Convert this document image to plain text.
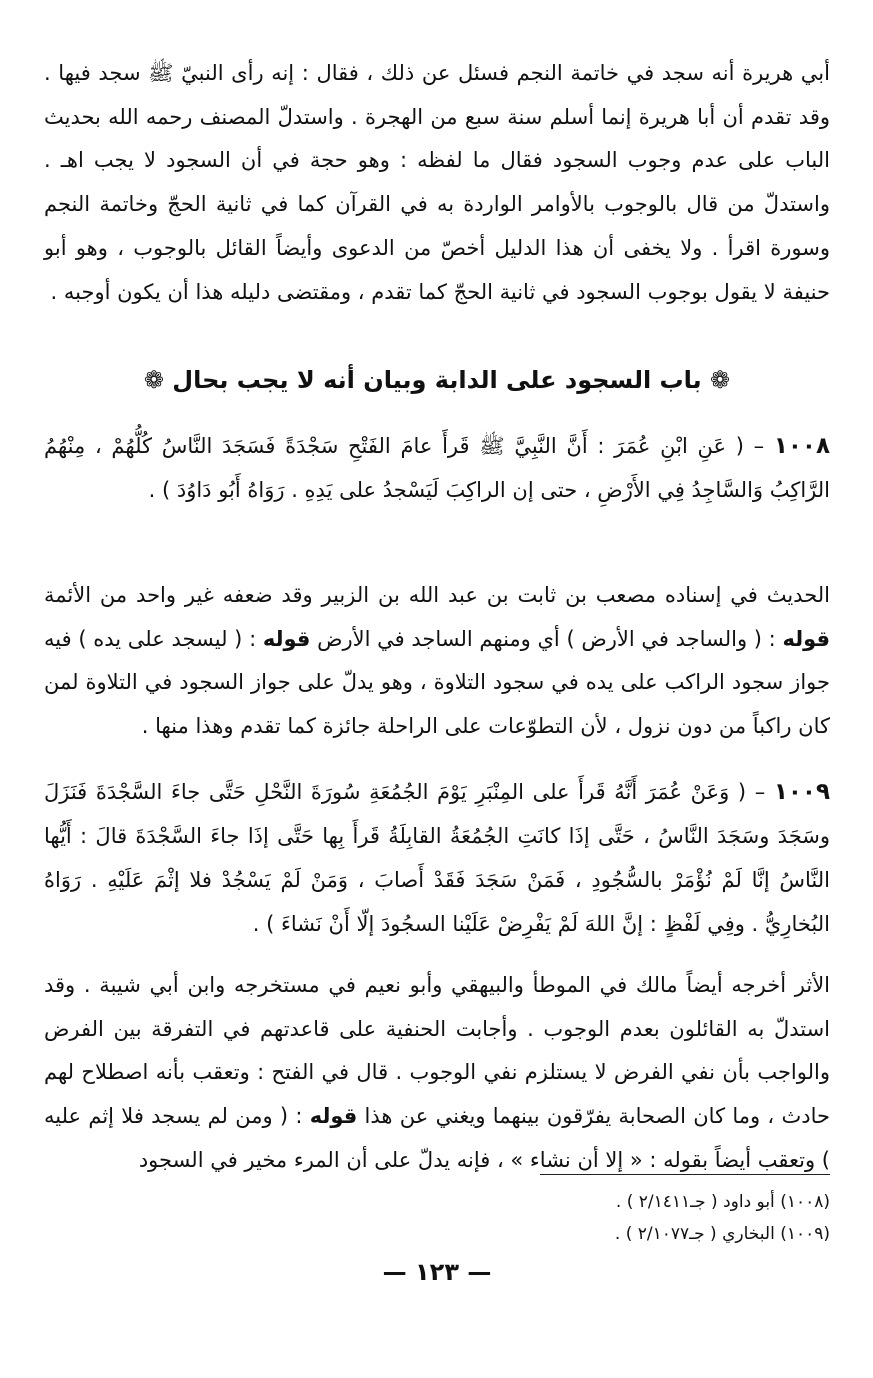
أبي هريرة أنه سجد في خاتمة النجم فسئل عن ذلك ، فقال : إنه رأى النبيّ ﷺ سجد فيها . وقد تقدم أن أبا هريرة إنما أسلم سنة سبع من الهجرة . واستدلّ المصنف رحمه الله بحديث الباب على عدم وجوب السجود فقال ما لفظه : وهو حجة في أن السجود لا يجب اهـ . واستدلّ من قال بالوجوب بالأوامر الواردة به في القرآن كما في ثانية الحجّ وخاتمة النجم وسورة اقرأ . ولا يخفى أن هذا الدليل أخصّ من الدعوى وأيضاً القائل بالوجوب ، وهو أبو حنيفة لا يقول بوجوب السجود في ثانية الحجّ كما تقدم ، ومقتضى دليله هذا أن يكون أوجبه .

❁ باب السجود على الدابة وبيان أنه لا يجب بحال ❁

١٠٠٨ – ( عَنِ ابْنِ عُمَرَ : أَنَّ النَّبِيَّ ﷺ قَرأَ عامَ الفَتْحِ سَجْدَةً فَسَجَدَ النَّاسُ كُلُّهُمْ ، مِنْهُمُ الرَّاكِبُ وَالسَّاجِدُ فِي الأَرْضِ ، حتى إن الراكِبَ لَيَسْجدُ على يَدِهِ . رَوَاهُ أَبُو دَاوُدَ ) .

الحديث في إسناده مصعب بن ثابت بن عبد الله بن الزبير وقد ضعفه غير واحد من الأئمة قوله : ( والساجد في الأرض ) أي ومنهم الساجد في الأرض قوله : ( ليسجد على يده ) فيه جواز سجود الراكب على يده في سجود التلاوة ، وهو يدلّ على جواز السجود في التلاوة لمن كان راكباً من دون نزول ، لأن التطوّعات على الراحلة جائزة كما تقدم وهذا منها .

١٠٠٩ – ( وَعَنْ عُمَرَ أَنَّهُ قَرأَ على المِنْبَرِ يَوْمَ الجُمُعَةِ سُورَةَ النَّحْلِ حَتَّى جاءَ السَّجْدَةَ فَنَزَلَ وسَجَدَ وسَجَدَ النَّاسُ ، حَتَّى إذَا كانَتِ الجُمُعَةُ القابِلَةُ قَرأَ بِها حَتَّى إذَا جاءَ السَّجْدَةَ قالَ : أَيُّها النَّاسُ إنَّا لَمْ نُؤْمَرْ بالسُّجُودِ ، فَمَنْ سَجَدَ فَقَدْ أَصابَ ، وَمَنْ لَمْ يَسْجُدْ فلا إثْمَ عَلَيْهِ . رَوَاهُ البُخارِيُّ . وفِي لَفْظٍ : إنَّ اللهَ لَمْ يَفْرِضْ عَلَيْنا السجُودَ إلّا أَنْ نَشاءَ ) .

الأثر أخرجه أيضاً مالك في الموطأ والبيهقي وأبو نعيم في مستخرجه وابن أبي شيبة . وقد استدلّ به القائلون بعدم الوجوب . وأجابت الحنفية على قاعدتهم في التفرقة بين الفرض والواجب بأن نفي الفرض لا يستلزم نفي الوجوب . قال في الفتح : وتعقب بأنه اصطلاح لهم حادث ، وما كان الصحابة يفرّقون بينهما ويغني عن هذا قوله : ( ومن لم يسجد فلا إثم عليه ) وتعقب أيضاً بقوله : « إلا أن نشاء » ، فإنه يدلّ على أن المرء مخير في السجود

(١٠٠٨) أبو داود ( جـ٢/١٤١١ ) .

(١٠٠٩) البخاري ( جـ٢/١٠٧٧ ) .

— ١٢٣ —
